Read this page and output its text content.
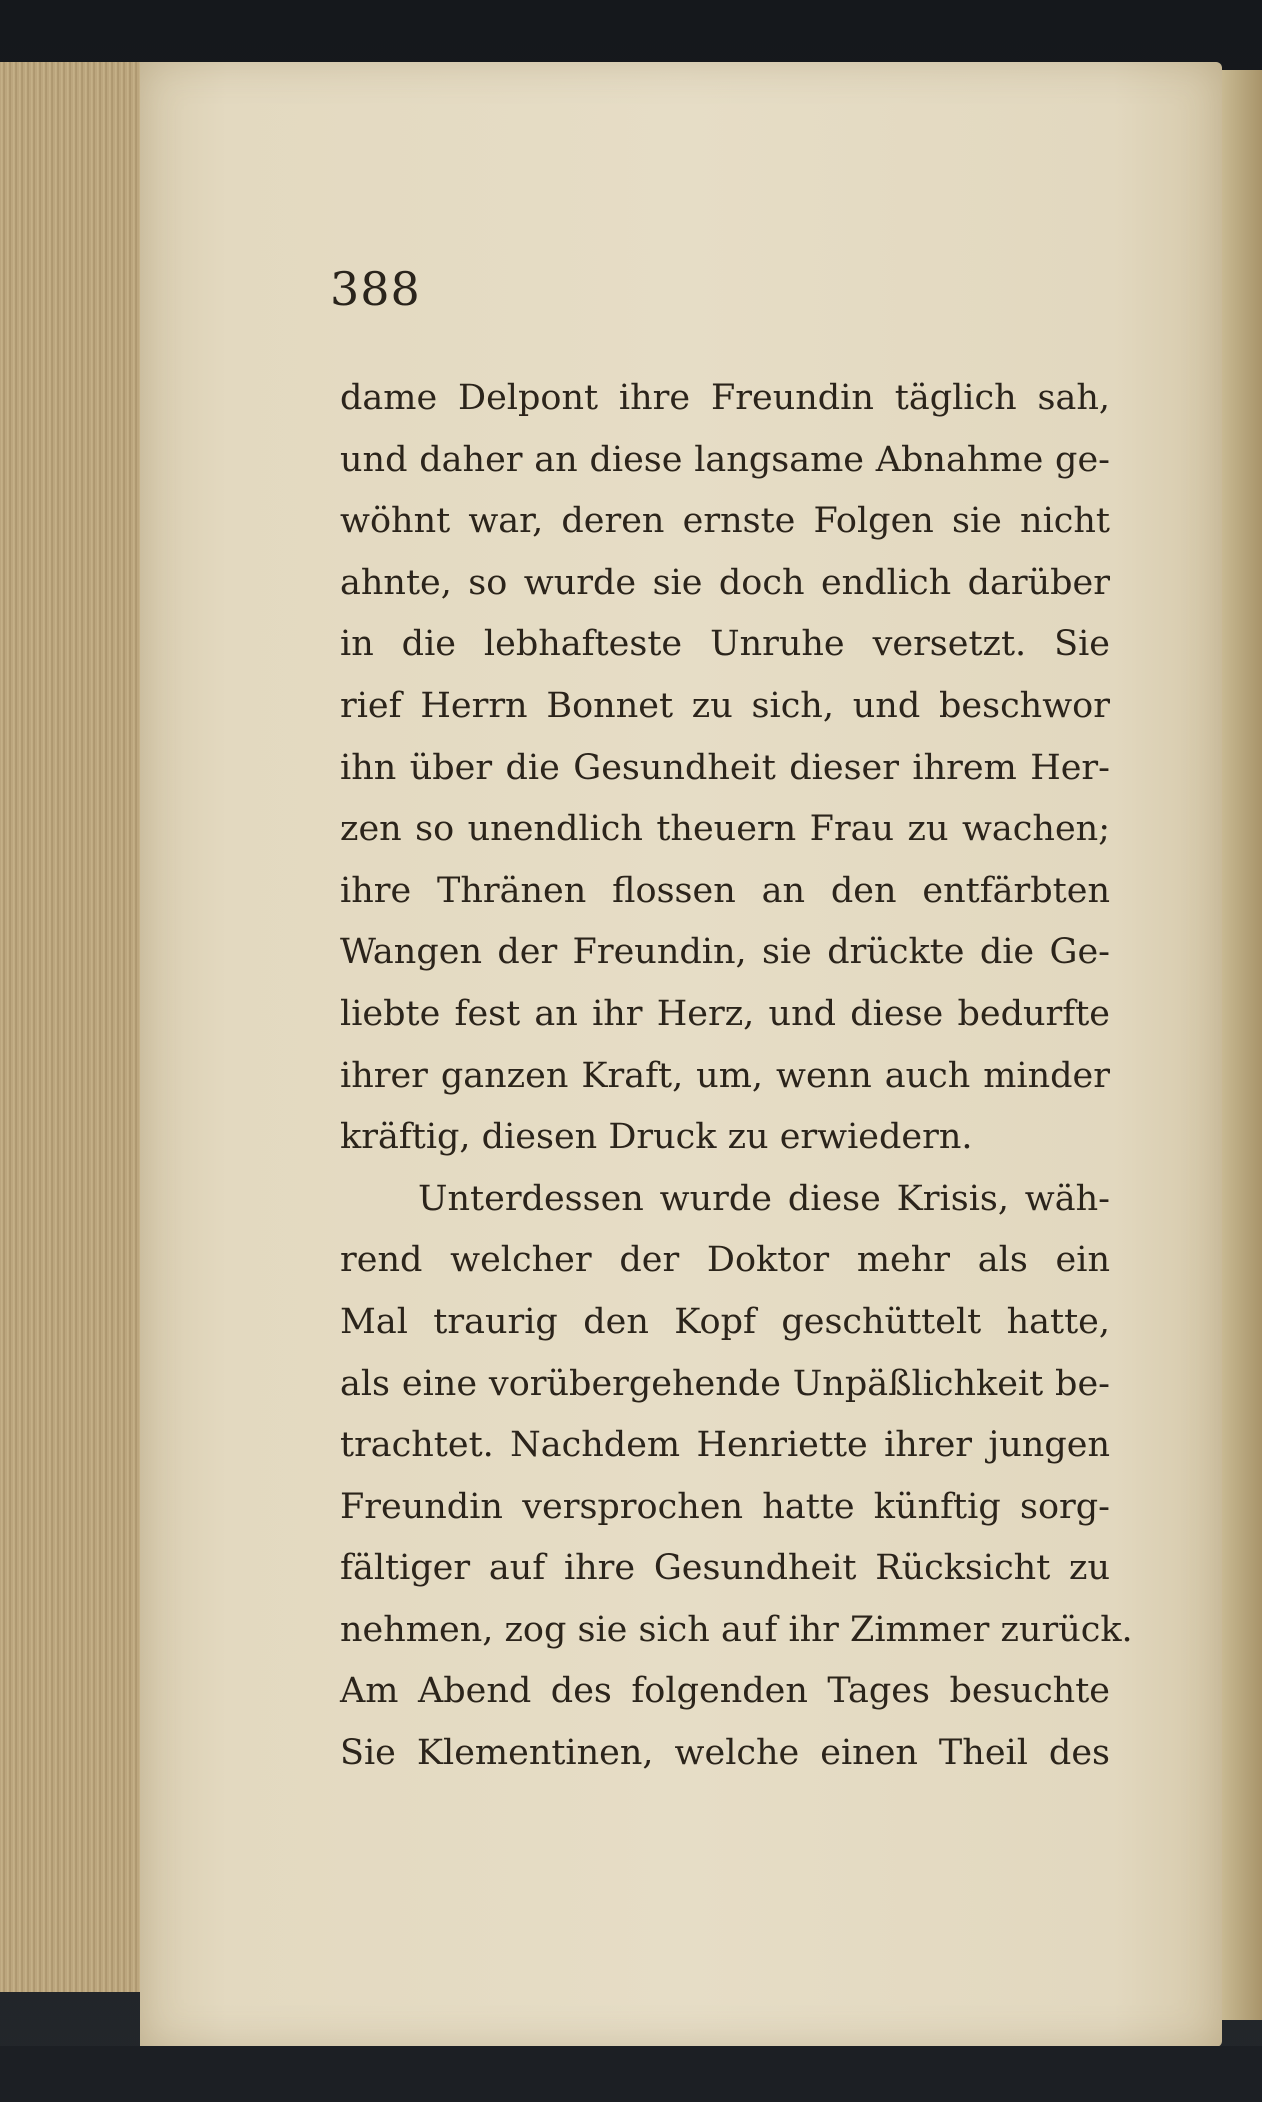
388
dame Delpont ihre Freundin täglich sah,
und daher an diese langsame Abnahme ge-
wöhnt war, deren ernste Folgen sie nicht
ahnte, so wurde sie doch endlich darüber
in die lebhafteste Unruhe versetzt. Sie
rief Herrn Bonnet zu sich, und beschwor
ihn über die Gesundheit dieser ihrem Her-
zen so unendlich theuern Frau zu wachen;
ihre Thränen flossen an den entfärbten
Wangen der Freundin, sie drückte die Ge-
liebte fest an ihr Herz, und diese bedurfte
ihrer ganzen Kraft, um, wenn auch minder
kräftig, diesen Druck zu erwiedern.
Unterdessen wurde diese Krisis, wäh-
rend welcher der Doktor mehr als ein
Mal traurig den Kopf geschüttelt hatte,
als eine vorübergehende Unpäßlichkeit be-
trachtet. Nachdem Henriette ihrer jungen
Freundin versprochen hatte künftig sorg-
fältiger auf ihre Gesundheit Rücksicht zu
nehmen, zog sie sich auf ihr Zimmer zurück.
Am Abend des folgenden Tages besuchte
Sie Klementinen, welche einen Theil des
